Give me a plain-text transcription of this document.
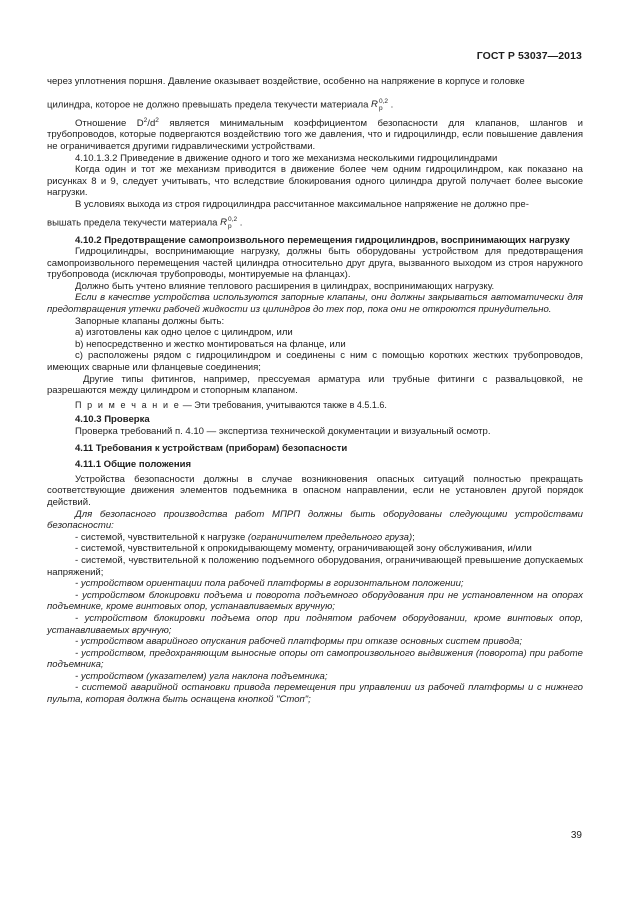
ГОСТ Р 53037—2013

через уплотнения поршня. Давление оказывает воздействие, особенно на напряжение в корпусе и головке

цилиндра, которое не должно превышать предела текучести материала R 0,2
р .

Отношение $D^2/d^2$ является минимальным коэффициентом безопасности для клапанов, шлангов и трубопроводов, которые подвергаются воздействию того же давления, что и гидроцилиндр, если повышение давления не ограничивается другими гидравлическими устройствами.

4.10.1.3.2 Приведение в движение одного и того же механизма несколькими гидроцилиндрами

Когда один и тот же механизм приводится в движение более чем одним гидроцилиндром, как показано на рисунках 8 и 9, следует учитывать, что вследствие блокирования одного цилиндра другой получает более высокие нагрузки.

В условиях выхода из строя гидроцилиндра рассчитанное максимальное напряжение не должно пре-

вышать предела текучести материала R 0,2
р .

4.10.2 Предотвращение самопроизвольного перемещения гидроцилиндров, воспринимающих нагрузку

Гидроцилиндры, воспринимающие нагрузку, должны быть оборудованы устройством для предотвращения самопроизвольного перемещения частей цилиндра относительно друг друга, вызванного выходом из строя наружного трубопровода (исключая трубопроводы, монтируемые на фланцах).

Должно быть учтено влияние теплового расширения в цилиндрах, воспринимающих нагрузку.

Если в качестве устройства используются запорные клапаны, они должны закрываться автоматически для предотвращения утечки рабочей жидкости из цилиндров до тех пор, пока они не откроются принудительно.

Запорные клапаны должны быть:

а) изготовлены как одно целое с цилиндром, или

b) непосредственно и жестко монтироваться на фланце, или

c) расположены рядом с гидроцилиндром и соединены с ним с помощью коротких жестких трубопроводов, имеющих сварные или фланцевые соединения;

Другие типы фитингов, например, прессуемая арматура или трубные фитинги с развальцовкой, не разрешаются между цилиндром и стопорным клапаном.

П р и м е ч а н и е — Эти требования, учитываются также в 4.5.1.6.

4.10.3 Проверка

Проверка требований п. 4.10 — экспертиза технической документации и визуальный осмотр.

4.11 Требования к устройствам (приборам) безопасности

4.11.1 Общие положения

Устройства безопасности должны в случае возникновения опасных ситуаций полностью прекращать соответствующие движения элементов подъемника в опасном направлении, если не установлен другой порядок действий.

Для безопасного производства работ МПРП должны быть оборудованы следующими устройствами безопасности:

- системой, чувствительной к нагрузке (ограничителем предельного груза);

- системой, чувствительной к опрокидывающему моменту, ограничивающей зону обслуживания, и/или

- системой, чувствительной к положению подъемного оборудования, ограничивающей превышение допускаемых напряжений;

- устройством ориентации пола рабочей платформы в горизонтальном положении;

- устройством блокировки подъема и поворота подъемного оборудования при не установленном на опорах подъемнике, кроме винтовых опор, устанавливаемых вручную;

- устройством блокировки подъема опор при поднятом рабочем оборудовании, кроме винтовых опор, устанавливаемых вручную;

- устройством аварийного опускания рабочей платформы при отказе основных систем привода;

- устройством, предохраняющим выносные опоры от самопроизвольного выдвижения (поворота) при работе подъемника;

- устройством (указателем) угла наклона подъемника;

- системой аварийной остановки привода перемещения при управлении из рабочей платформы и с нижнего пульта, которая должна быть оснащена кнопкой "Стоп";

39
